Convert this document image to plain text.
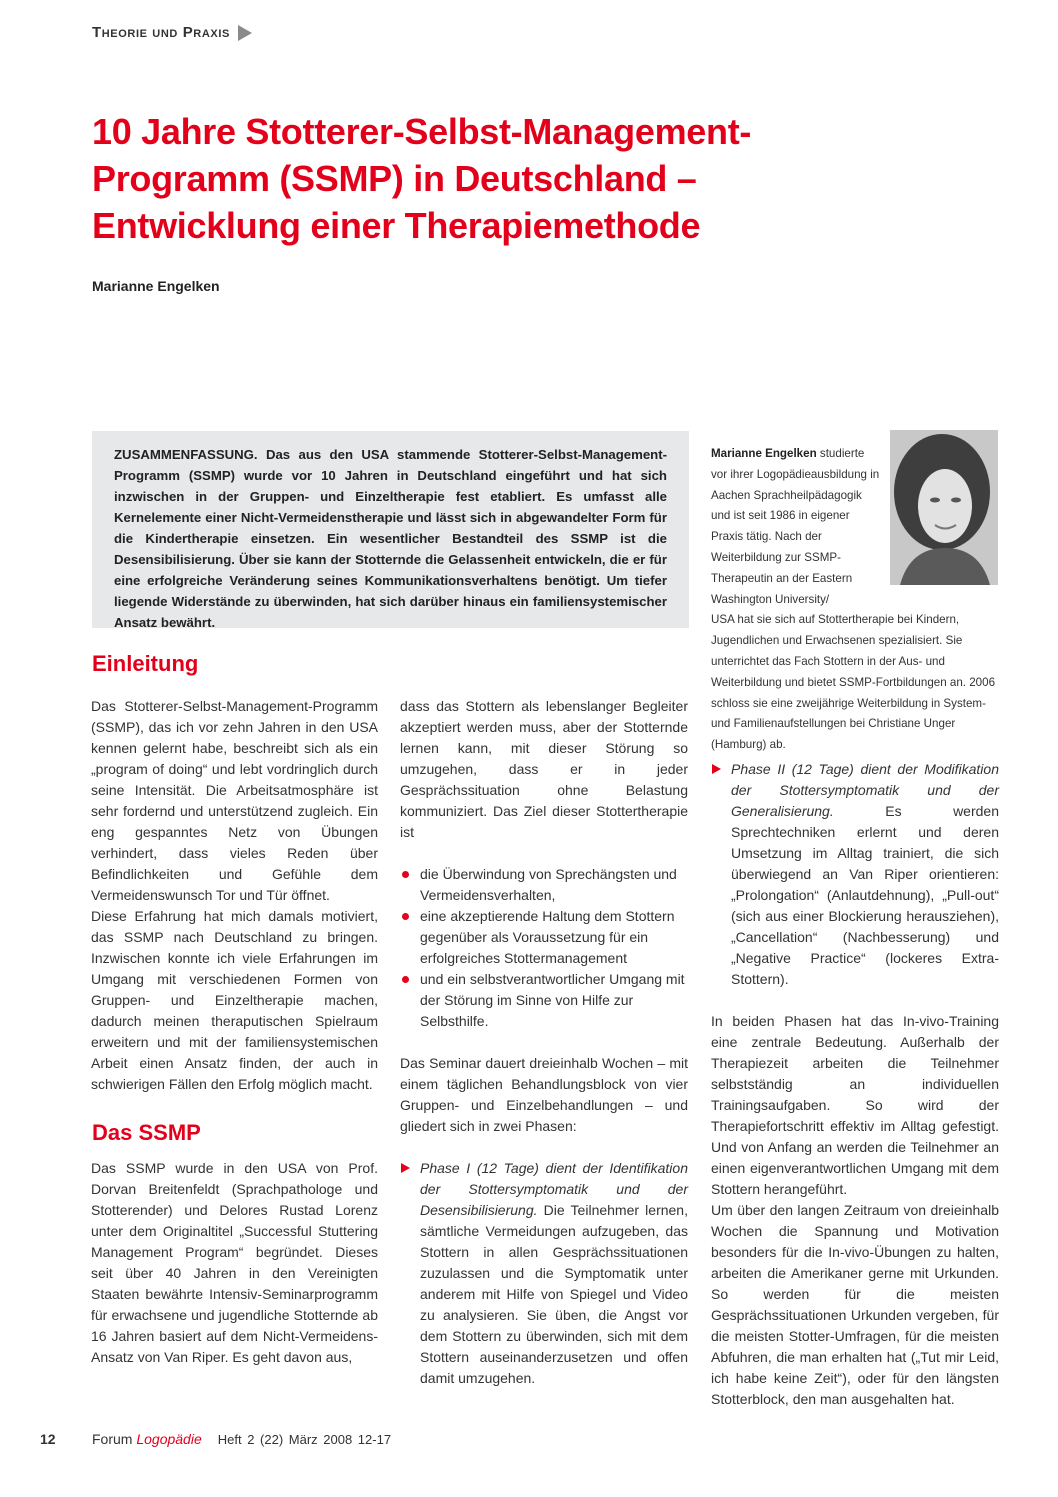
Theorie und Praxis
10 Jahre Stotterer-Selbst-Management-
Programm (SSMP) in Deutschland –
Entwicklung einer Therapiemethode
Marianne Engelken

ZUSAMMENFASSUNG. Das aus den USA stammende Stotterer-Selbst-Management-Programm (SSMP) wurde vor 10 Jahren in Deutschland eingeführt und hat sich inzwischen in der Gruppen- und Einzeltherapie fest etabliert. Es umfasst alle Kernelemente einer Nicht-Vermeidenstherapie und lässt sich in abgewandelter Form für die Kindertherapie einsetzen. Ein wesentlicher Bestandteil des SSMP ist die Desensibilisierung. Über sie kann der Stotternde die Gelassenheit entwickeln, die er für eine erfolgreiche Veränderung seines Kommunikationsverhaltens benötigt. Um tiefer liegende Widerstände zu überwinden, hat sich darüber hinaus ein familiensystemischer Ansatz bewährt.

Marianne Engelken studierte vor ihrer Logopädieausbildung in Aachen Sprachheilpädagogik und ist seit 1986 in eigener Praxis tätig. Nach der Weiterbildung zur SSMP-Therapeutin an der Eastern Washington University/
USA hat sie sich auf Stottertherapie bei Kindern, Jugendlichen und Erwachsenen spezialisiert. Sie unterrichtet das Fach Stottern in der Aus- und Weiterbildung und bietet SSMP-Fortbildungen an. 2006 schloss sie eine zweijährige Weiterbildung in System- und Familienaufstellungen bei Christiane Unger (Hamburg) ab.
Einleitung

Das Stotterer-Selbst-Management-Programm (SSMP), das ich vor zehn Jahren in den USA kennen gelernt habe, beschreibt sich als ein „program of doing“ und lebt vordringlich durch seine Intensität. Die Arbeitsatmosphäre ist sehr fordernd und unterstützend zugleich. Ein eng gespanntes Netz von Übungen verhindert, dass vieles Reden über Befindlichkeiten und Gefühle dem Vermeidenswunsch Tor und Tür öffnet.

Diese Erfahrung hat mich damals motiviert, das SSMP nach Deutschland zu bringen. Inzwischen konnte ich viele Erfahrungen im Umgang mit verschiedenen Formen von Gruppen- und Einzeltherapie machen, dadurch meinen theraputischen Spielraum erweitern und mit der familiensystemischen Arbeit einen Ansatz finden, der auch in schwierigen Fällen den Erfolg möglich macht.

Das SSMP

Das SSMP wurde in den USA von Prof. Dorvan Breitenfeldt (Sprachpathologe und Stotterender) und Delores Rustad Lorenz unter dem Originaltitel „Successful Stuttering Management Program“ begründet. Dieses seit über 40 Jahren in den Vereinigten Staaten bewährte Intensiv-Seminarprogramm für erwachsene und jugendliche Stotternde ab 16 Jahren basiert auf dem Nicht-Vermeidens-Ansatz von Van Riper. Es geht davon aus,

dass das Stottern als lebenslanger Begleiter akzeptiert werden muss, aber der Stotternde lernen kann, mit dieser Störung so umzugehen, dass er in jeder Gesprächssituation ohne Belastung kommuniziert. Das Ziel dieser Stottertherapie ist

die Überwindung von Sprechängsten und Vermeidensverhalten,
eine akzeptierende Haltung dem Stottern gegenüber als Voraussetzung für ein erfolgreiches Stottermanagement
und ein selbstverantwortlicher Umgang mit der Störung im Sinne von Hilfe zur Selbsthilfe.

Das Seminar dauert dreieinhalb Wochen – mit einem täglichen Behandlungsblock von vier Gruppen- und Einzelbehandlungen – und gliedert sich in zwei Phasen:

Phase I (12 Tage) dient der Identifikation der Stottersymptomatik und der Desensibilisierung. Die Teilnehmer lernen, sämtliche Vermeidungen aufzugeben, das Stottern in allen Gesprächssituationen zuzulassen und die Symptomatik unter anderem mit Hilfe von Spiegel und Video zu analysieren. Sie üben, die Angst vor dem Stottern zu überwinden, sich mit dem Stottern auseinanderzusetzen und offen damit umzugehen.
Phase II (12 Tage) dient der Modifikation der Stottersymptomatik und der Generalisierung. Es werden Sprechtechniken erlernt und deren Umsetzung im Alltag trainiert, die sich überwiegend an Van Riper orientieren: „Prolongation“ (Anlautdehnung), „Pull-out“ (sich aus einer Blockierung herausziehen), „Cancellation“ (Nachbesserung) und „Negative Practice“ (lockeres Extra-Stottern).

In beiden Phasen hat das In-vivo-Training eine zentrale Bedeutung. Außerhalb der Therapiezeit arbeiten die Teilnehmer selbstständig an individuellen Trainingsaufgaben. So wird der Therapiefortschritt effektiv im Alltag gefestigt. Und von Anfang an werden die Teilnehmer an einen eigenverantwortlichen Umgang mit dem Stottern herangeführt.

Um über den langen Zeitraum von dreieinhalb Wochen die Spannung und Motivation besonders für die In-vivo-Übungen zu halten, arbeiten die Amerikaner gerne mit Urkunden. So werden für die meisten Gesprächssituationen Urkunden vergeben, für die meisten Stotter-Umfragen, für die meisten Abfuhren, die man erhalten hat („Tut mir Leid, ich habe keine Zeit“), oder für den längsten Stotterblock, den man ausgehalten hat.

12	Forum Logopädie Heft 2 (22) März 2008 12-17
